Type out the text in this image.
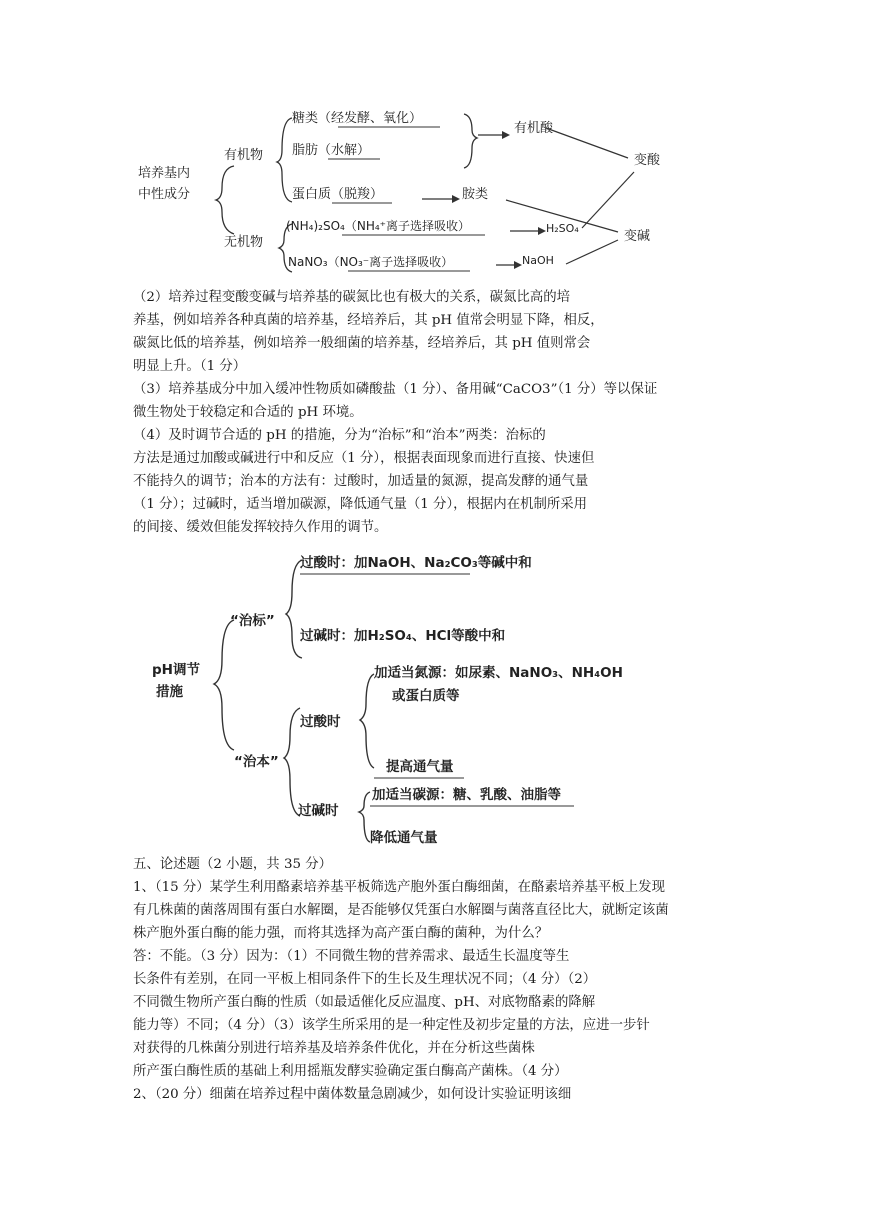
培养基内
中性成分
有机物
无机物
糖类（经发酵、氧化）
脂肪（水解）
有机酸
蛋白质（脱羧）	胺类
(NH₄)₂SO₄（NH₄⁺离子选择吸收）	H₂SO₄
NaNO₃（NO₃⁻离子选择吸收）	NaOH
变酸
变碱
（2）培养过程变酸变碱与培养基的碳氮比也有极大的关系，碳氮比高的培
养基，例如培养各种真菌的培养基，经培养后，其 pH 值常会明显下降，相反，
碳氮比低的培养基，例如培养一般细菌的培养基，经培养后，其 pH 值则常会
明显上升。（1 分）
（3）培养基成分中加入缓冲性物质如磷酸盐（1 分）、备用碱“CaCO3”（1 分）等以保证
微生物处于较稳定和合适的 pH 环境。
（4）及时调节合适的 pH 的措施，分为“治标”和“治本”两类：治标的
方法是通过加酸或碱进行中和反应（1 分），根据表面现象而进行直接、快速但
不能持久的调节；治本的方法有：过酸时，加适量的氮源，提高发酵的通气量
（1 分）；过碱时，适当增加碳源，降低通气量（1 分），根据内在机制所采用
的间接、缓效但能发挥较持久作用的调节。
pH调节
措施
“治标”
过酸时：加NaOH、Na₂CO₃等碱中和
过碱时：加H₂SO₄、HCl等酸中和
“治本”
过酸时
加适当氮源：如尿素、NaNO₃、NH₄OH
或蛋白质等
提高通气量
过碱时
加适当碳源：糖、乳酸、油脂等
降低通气量
五、论述题（2 小题，共 35 分）
1、（15 分）某学生利用酪素培养基平板筛选产胞外蛋白酶细菌，在酪素培养基平板上发现
有几株菌的菌落周围有蛋白水解圈，是否能够仅凭蛋白水解圈与菌落直径比大，就断定该菌
株产胞外蛋白酶的能力强，而将其选择为高产蛋白酶的菌种，为什么？
答：不能。（3 分）因为：（1）不同微生物的营养需求、最适生长温度等生
长条件有差别，在同一平板上相同条件下的生长及生理状况不同；（4 分）（2）
不同微生物所产蛋白酶的性质（如最适催化反应温度、pH、对底物酪素的降解
能力等）不同；（4 分）（3）该学生所采用的是一种定性及初步定量的方法，应进一步针
对获得的几株菌分别进行培养基及培养条件优化，并在分析这些菌株
所产蛋白酶性质的基础上利用摇瓶发酵实验确定蛋白酶高产菌株。（4 分）
2、（20 分）细菌在培养过程中菌体数量急剧减少，如何设计实验证明该细
